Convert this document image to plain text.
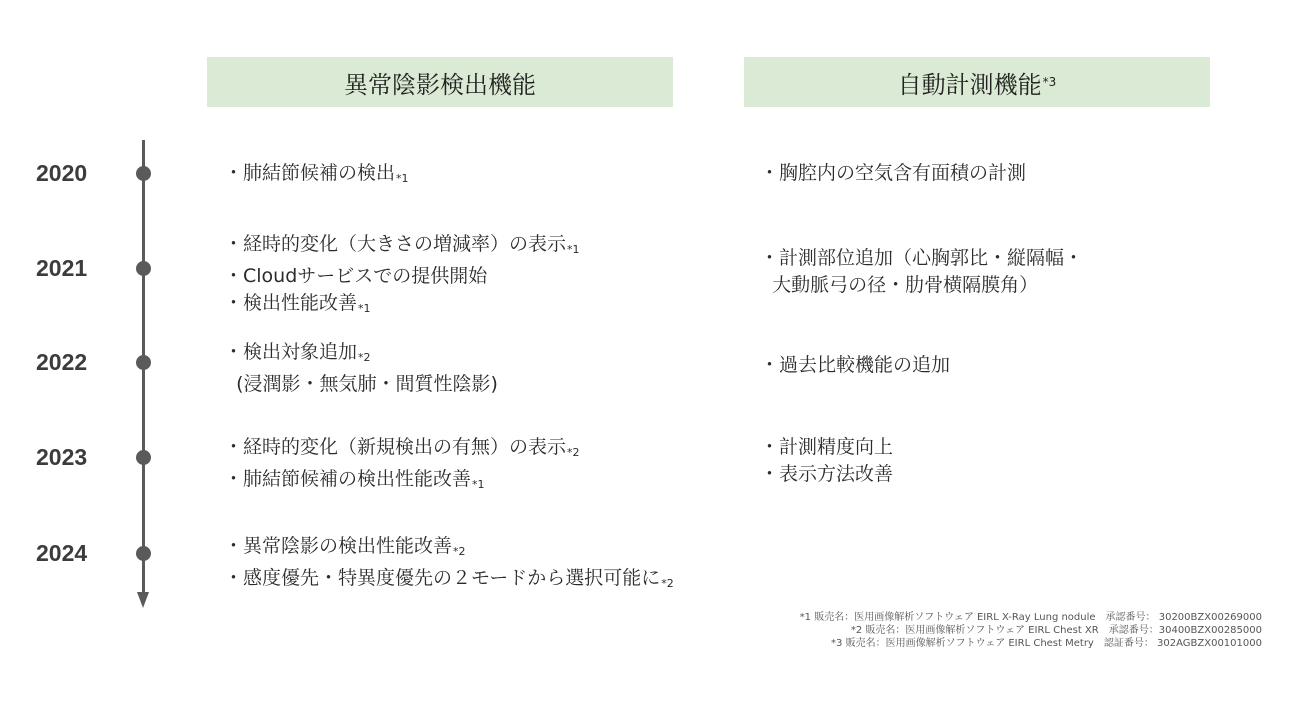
異常陰影検出機能	自動計測機能 *3
2020
2021
2022
2023
2024
・肺結節候補の検出$_{*1}$
・経時的変化（大きさの増減率）の表示$_{*1}$
・Cloudサービスでの提供開始
・検出性能改善$_{*1}$
・検出対象追加$_{*2}$
(浸潤影・無気肺・間質性陰影)
・経時的変化（新規検出の有無）の表示$_{*2}$
・肺結節候補の検出性能改善$_{*1}$
・異常陰影の検出性能改善$_{*2}$
・感度優先・特異度優先の２モードから選択可能に$_{*2}$
・胸腔内の空気含有面積の計測
・計測部位追加（心胸郭比・縦隔幅・
大動脈弓の径・肋骨横隔膜角）
・過去比較機能の追加
・計測精度向上
・表示方法改善
*1 販売名：医用画像解析ソフトウェア EIRL X-Ray Lung nodule　承認番号： 30200BZX00269000
*2 販売名：医用画像解析ソフトウェア EIRL Chest XR　承認番号：30400BZX00285000
*3 販売名：医用画像解析ソフトウェア EIRL Chest Metry　認証番号： 302AGBZX00101000
